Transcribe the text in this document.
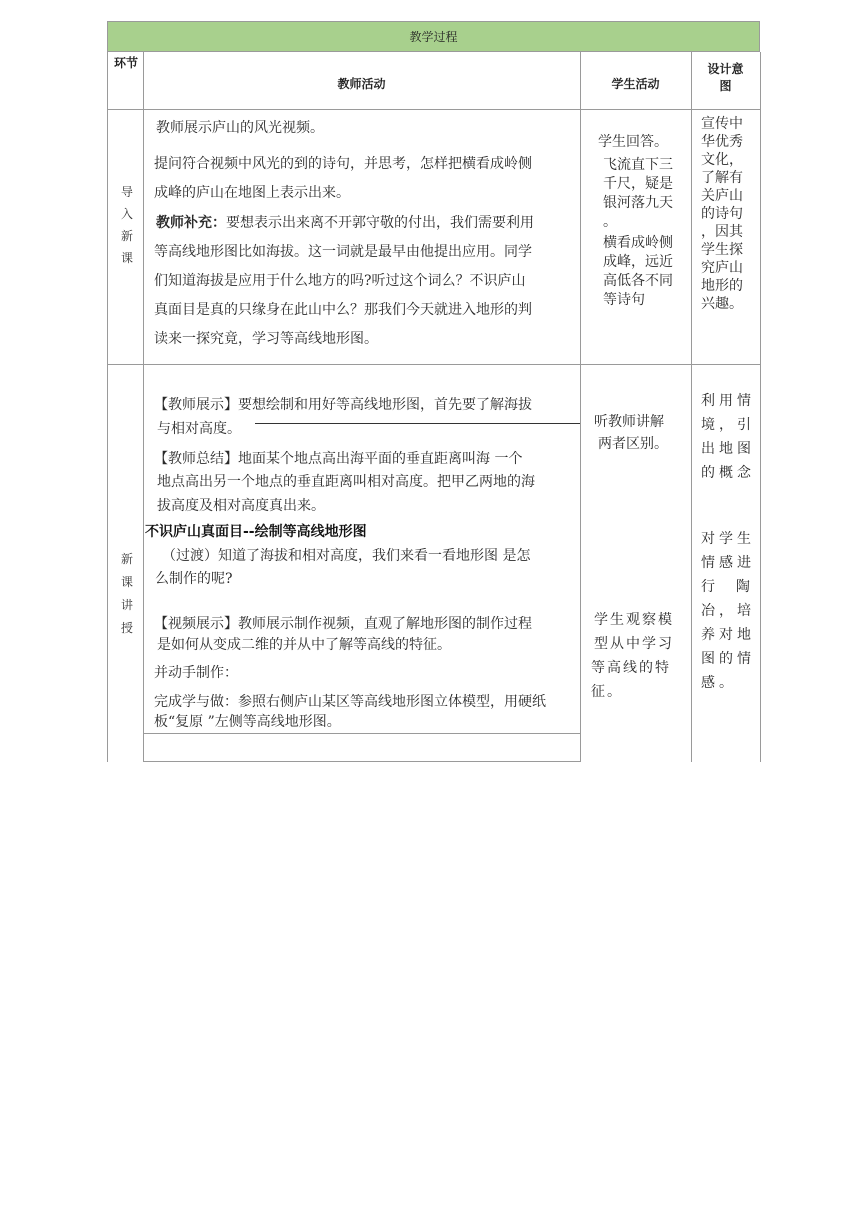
教学过程
环节
教师活动	学生活动
设计意
图
导入新课
教师展示庐山的风光视频。
提问符合视频中风光的到的诗句，并思考，怎样把横看成岭侧
成峰的庐山在地图上表示出来。
教师补充：要想表示出来离不开郭守敬的付出，我们需要利用
等高线地形图比如海拔。这一词就是最早由他提出应用。同学
们知道海拔是应用于什么地方的吗?听过这个词么？不识庐山
真面目是真的只缘身在此山中么？那我们今天就进入地形的判
读来一探究竟，学习等高线地形图。
学生回答。
飞流直下三
千尺，疑是
银河落九天
。
横看成岭侧
成峰，远近
高低各不同
等诗句
宣传中
华优秀
文化，
了解有
关庐山
的诗句
，因其
学生探
究庐山
地形的
兴趣。
新课讲授
【教师展示】要想绘制和用好等高线地形图，首先要了解海拔
与相对高度。
【教师总结】地面某个地点高出海平面的垂直距离叫海 一个
地点高出另一个地点的垂直距离叫相对高度。把甲乙两地的海
拔高度及相对高度真出来。
不识庐山真面目--绘制等高线地形图
（过渡）知道了海拔和相对高度，我们来看一看地形图 是怎
么制作的呢?
【视频展示】教师展示制作视频，直观了解地形图的制作过程
是如何从变成二维的并从中了解等高线的特征。
并动手制作：
完成学与做：参照右侧庐山某区等高线地形图立体模型，用硬纸
板“复原 ”左侧等高线地形图。
听教师讲解
两者区别。
学生观察模
型从中学习
等高线的特
征。
利用情
境，引
出地图
的概念
对学生
情感进
行  陶
冶，培
养对地
图的情
感。
